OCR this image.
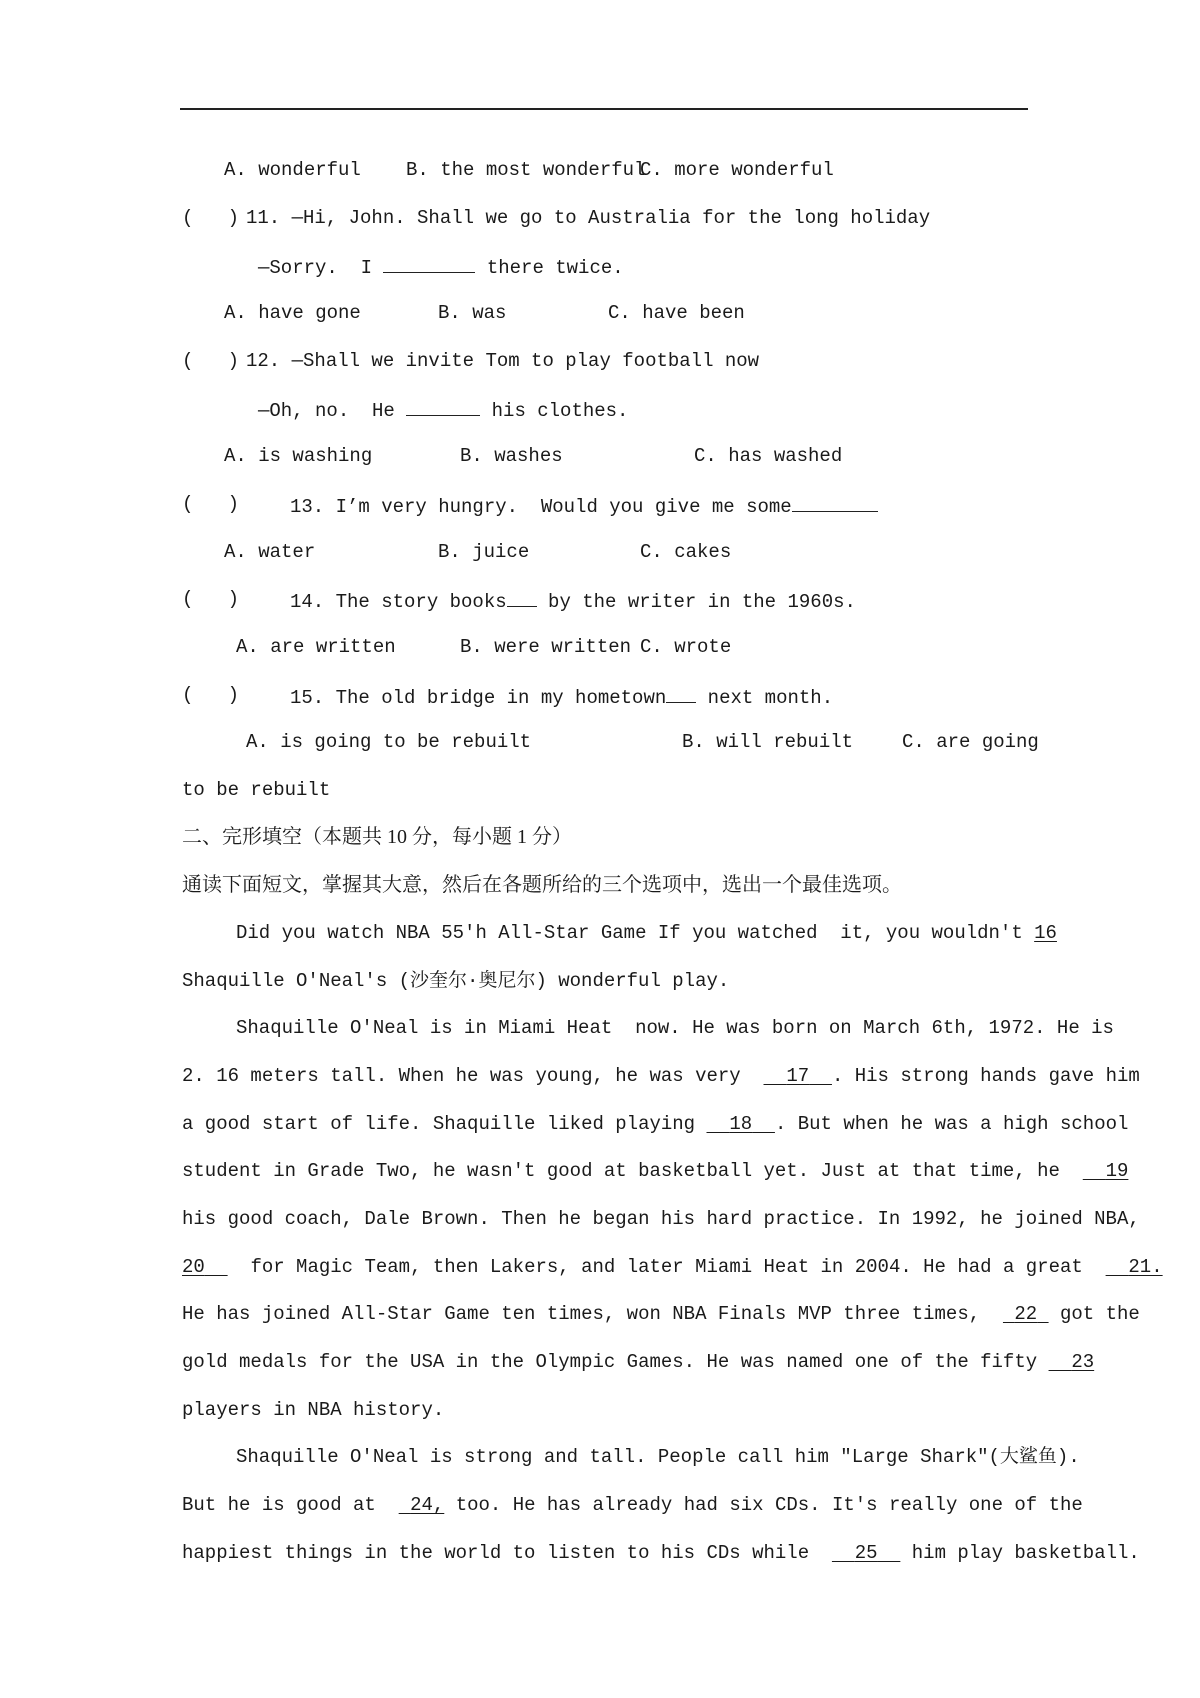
A. wonderful B. the most wonderful
C. more wonderful
(   ) 11. —Hi, John. Shall we go to Australia for the long holiday
—Sorry.  I	there twice.
A. have gone	B. was	C. have been
(   ) 12. —Shall we invite Tom to play football now
—Oh, no.  He	his clothes.
A. is washing	B. washes	C. has washed
(   )	13. I’m very hungry.  Would you give me some
A. water	B. juice	C. cakes
(   )	14. The story books by the writer in the 1960s.
A. are written	B. were written C. wrote
(   )	15. The old bridge in my hometown next month.
A. is going to be rebuilt	B. will rebuilt	C. are going
to be rebuilt
二、完形填空（本题共 10 分，每小题 1 分）
通读下面短文，掌握其大意，然后在各题所给的三个选项中，选出一个最佳选项。
Did you watch NBA 55'h All-Star Game If you watched  it, you wouldn't 16
Shaquille O'Neal's (沙奎尔·奥尼尔) wonderful play.
Shaquille O'Neal is in Miami Heat  now. He was born on March 6th, 1972. He is
2. 16 meters tall. When he was young, he was very 17 . His strong hands gave him
a good start of life. Shaquille liked playing 18 . But when he was a high school
student in Grade Two, he wasn't good at basketball yet. Just at that time, he 19
his good coach, Dale Brown. Then he began his hard practice. In 1992, he joined NBA,
20 for Magic Team, then Lakers, and later Miami Heat in 2004. He had a great 21.
He has joined All-Star Game ten times, won NBA Finals MVP three times, 22 got the
gold medals for the USA in the Olympic Games. He was named one of the fifty 23
players in NBA history.
Shaquille O'Neal is strong and tall. People call him "Large Shark"(大鲨鱼).
But he is good at 24, too. He has already had six CDs. It's really one of the
happiest things in the world to listen to his CDs while 25 him play basketball.
